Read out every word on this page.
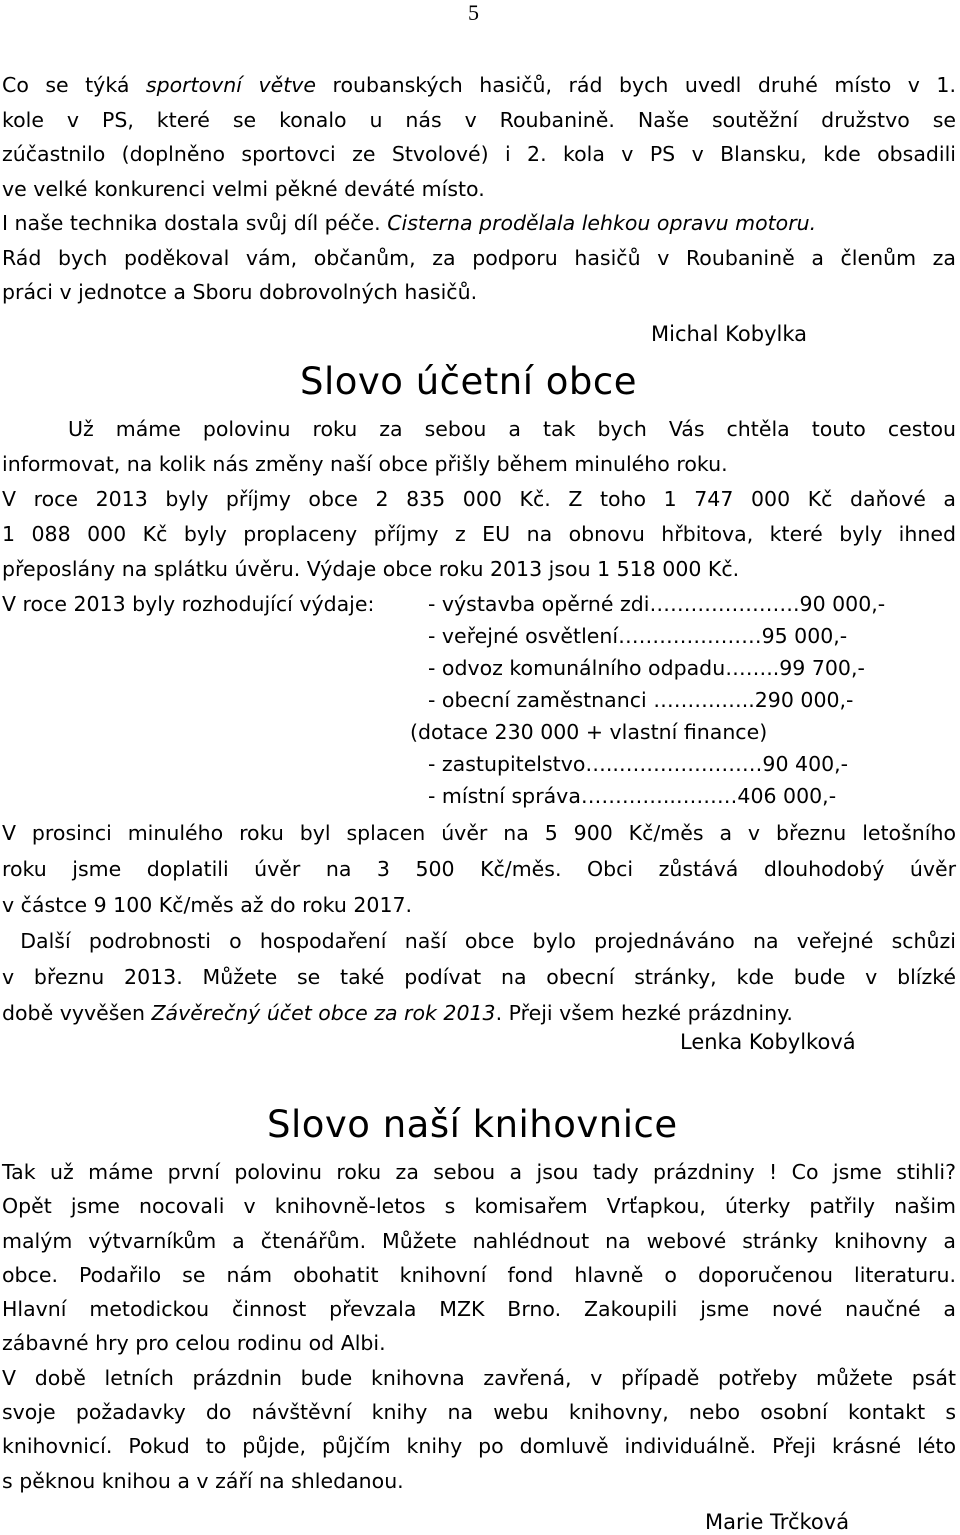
5
Co se týká sportovní větve roubanských hasičů, rád bych uvedl druhé místo v 1.
kole v PS, které se konalo u nás v Roubanině. Naše soutěžní družstvo se
zúčastnilo (doplněno sportovci ze Stvolové) i 2. kola v PS v Blansku, kde obsadili
ve velké konkurenci velmi pěkné deváté místo.
I naše technika dostala svůj díl péče. Cisterna prodělala lehkou opravu motoru.
Rád bych poděkoval vám, občanům, za podporu hasičů v Roubanině a členům za
práci v jednotce a Sboru dobrovolných hasičů.
Michal Kobylka
Slovo účetní obce
Už máme polovinu roku za sebou a tak bych Vás chtěla touto cestou
informovat, na kolik nás změny naší obce přišly během minulého roku.
V roce 2013 byly příjmy obce 2 835 000 Kč. Z toho 1 747 000 Kč daňové a
1 088 000 Kč byly proplaceny příjmy z EU na obnovu hřbitova, které byly ihned
přeposlány na splátku úvěru. Výdaje obce roku 2013 jsou 1 518 000 Kč.
V roce 2013 byly rozhodující výdaje:	- výstavba opěrné zdi………………….90 000,-
- veřejné osvětlení…………………95 000,-
- odvoz komunálního odpadu……..99 700,-
- obecní zaměstnanci ……….…..290 000,-
(dotace 230 000 + vlastní finance)
- zastupitelstvo…..…………………90 400,-
- místní správa…………..………406 000,-
V prosinci minulého roku byl splacen úvěr na 5 900 Kč/měs a v březnu letošního
roku jsme doplatili úvěr na 3 500 Kč/měs. Obci zůstává dlouhodobý úvěr
v částce 9 100 Kč/měs až do roku 2017.
Další podrobnosti o hospodaření naší obce bylo projednáváno na veřejné schůzi
v březnu 2013. Můžete se také podívat na obecní stránky, kde bude v blízké
době vyvěšen Závěrečný účet obce za rok 2013. Přeji všem hezké prázdniny.
Lenka Kobylková
Slovo naší knihovnice
Tak už máme první polovinu roku za sebou a jsou tady prázdniny ! Co jsme stihli?
Opět jsme nocovali v knihovně-letos s komisařem Vrťapkou, úterky patřily našim
malým výtvarníkům a čtenářům. Můžete nahlédnout na webové stránky knihovny a
obce. Podařilo se nám obohatit knihovní fond hlavně o doporučenou literaturu.
Hlavní metodickou činnost převzala MZK Brno. Zakoupili jsme nové naučné a
zábavné hry pro celou rodinu od Albi.
V době letních prázdnin bude knihovna zavřená, v případě potřeby můžete psát
svoje požadavky do návštěvní knihy na webu knihovny, nebo osobní kontakt s
knihovnicí. Pokud to půjde, půjčím knihy po domluvě individuálně. Přeji krásné léto
s pěknou knihou a v září na shledanou.
Marie Trčková
